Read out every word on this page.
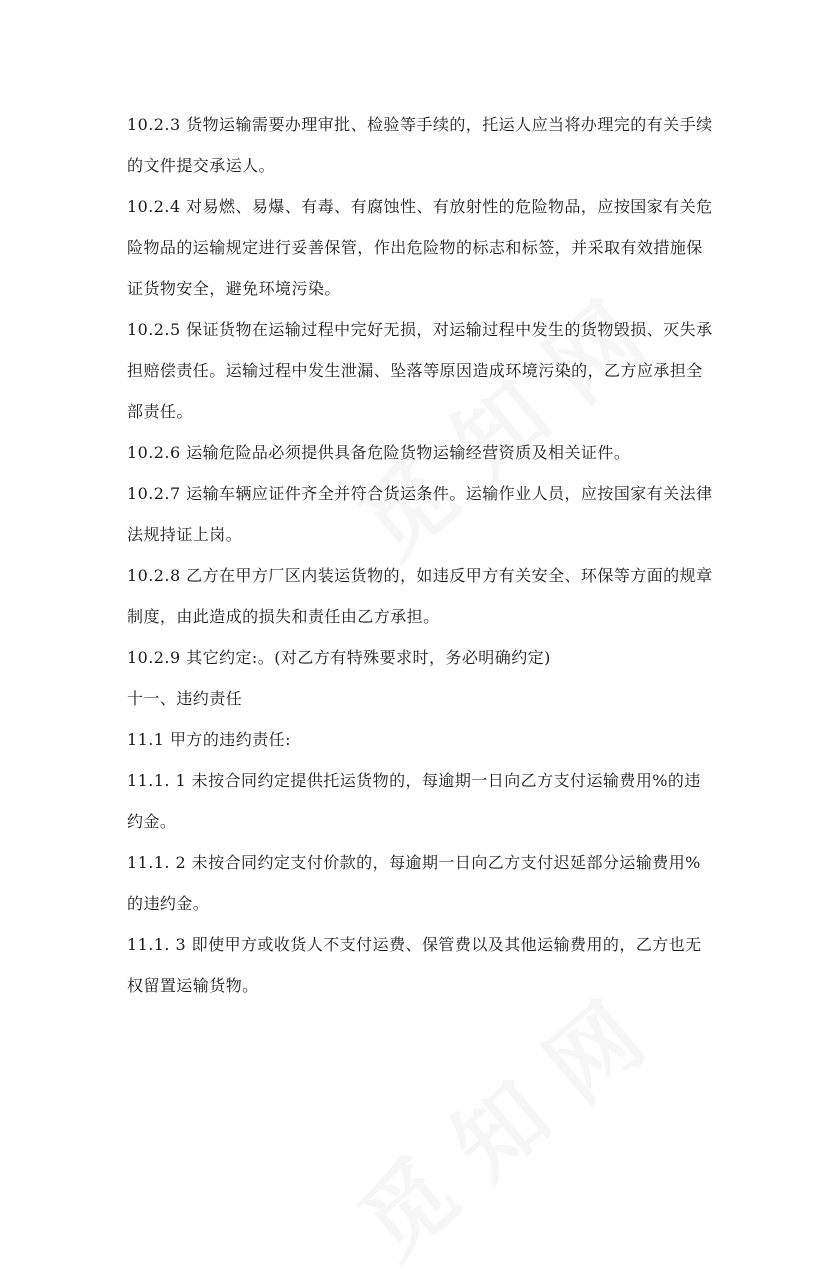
10.2.3 货物运输需要办理审批、检验等手续的，托运人应当将办理完的有关手续的文件提交承运人。

10.2.4 对易燃、易爆、有毒、有腐蚀性、有放射性的危险物品，应按国家有关危险物品的运输规定进行妥善保管，作出危险物的标志和标签，并采取有效措施保证货物安全，避免环境污染。

10.2.5 保证货物在运输过程中完好无损，对运输过程中发生的货物毁损、灭失承担赔偿责任。运输过程中发生泄漏、坠落等原因造成环境污染的，乙方应承担全部责任。

10.2.6 运输危险品必须提供具备危险货物运输经营资质及相关证件。

10.2.7 运输车辆应证件齐全并符合货运条件。运输作业人员，应按国家有关法律法规持证上岗。

10.2.8 乙方在甲方厂区内装运货物的，如违反甲方有关安全、环保等方面的规章制度，由此造成的损失和责任由乙方承担。

10.2.9 其它约定:。(对乙方有特殊要求时，务必明确约定)

十一、违约责任

11.1 甲方的违约责任:

11.1. 1 未按合同约定提供托运货物的，每逾期一日向乙方支付运输费用%的违约金。

11.1. 2 未按合同约定支付价款的，每逾期一日向乙方支付迟延部分运输费用%的违约金。

11.1. 3 即使甲方或收货人不支付运费、保管费以及其他运输费用的，乙方也无权留置运输货物。
